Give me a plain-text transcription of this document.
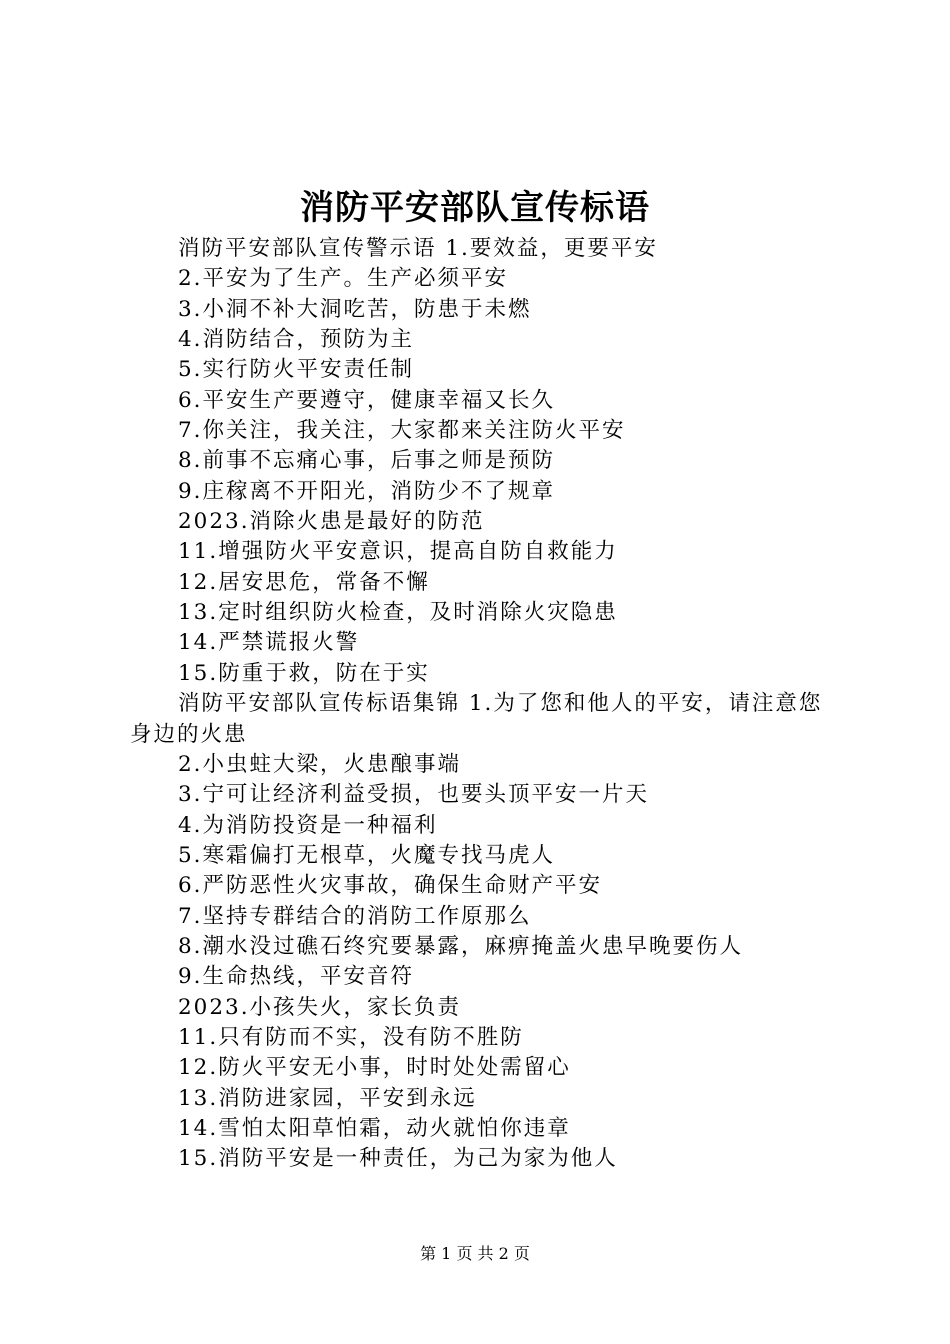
消防平安部队宣传标语
消防平安部队宣传警示语 1.要效益，更要平安
2.平安为了生产。生产必须平安
3.小洞不补大洞吃苦，防患于未燃
4.消防结合，预防为主
5.实行防火平安责任制
6.平安生产要遵守，健康幸福又长久
7.你关注，我关注，大家都来关注防火平安
8.前事不忘痛心事，后事之师是预防
9.庄稼离不开阳光，消防少不了规章
2023.消除火患是最好的防范
11.增强防火平安意识，提高自防自救能力
12.居安思危，常备不懈
13.定时组织防火检查，及时消除火灾隐患
14.严禁谎报火警
15.防重于救，防在于实
消防平安部队宣传标语集锦 1.为了您和他人的平安，请注意您身边的火患
2.小虫蛀大梁，火患酿事端
3.宁可让经济利益受损，也要头顶平安一片天
4.为消防投资是一种福利
5.寒霜偏打无根草，火魔专找马虎人
6.严防恶性火灾事故，确保生命财产平安
7.坚持专群结合的消防工作原那么
8.潮水没过礁石终究要暴露，麻痹掩盖火患早晚要伤人
9.生命热线，平安音符
2023.小孩失火，家长负责
11.只有防而不实，没有防不胜防
12.防火平安无小事，时时处处需留心
13.消防进家园，平安到永远
14.雪怕太阳草怕霜，动火就怕你违章
15.消防平安是一种责任，为己为家为他人
第 1 页 共 2 页
